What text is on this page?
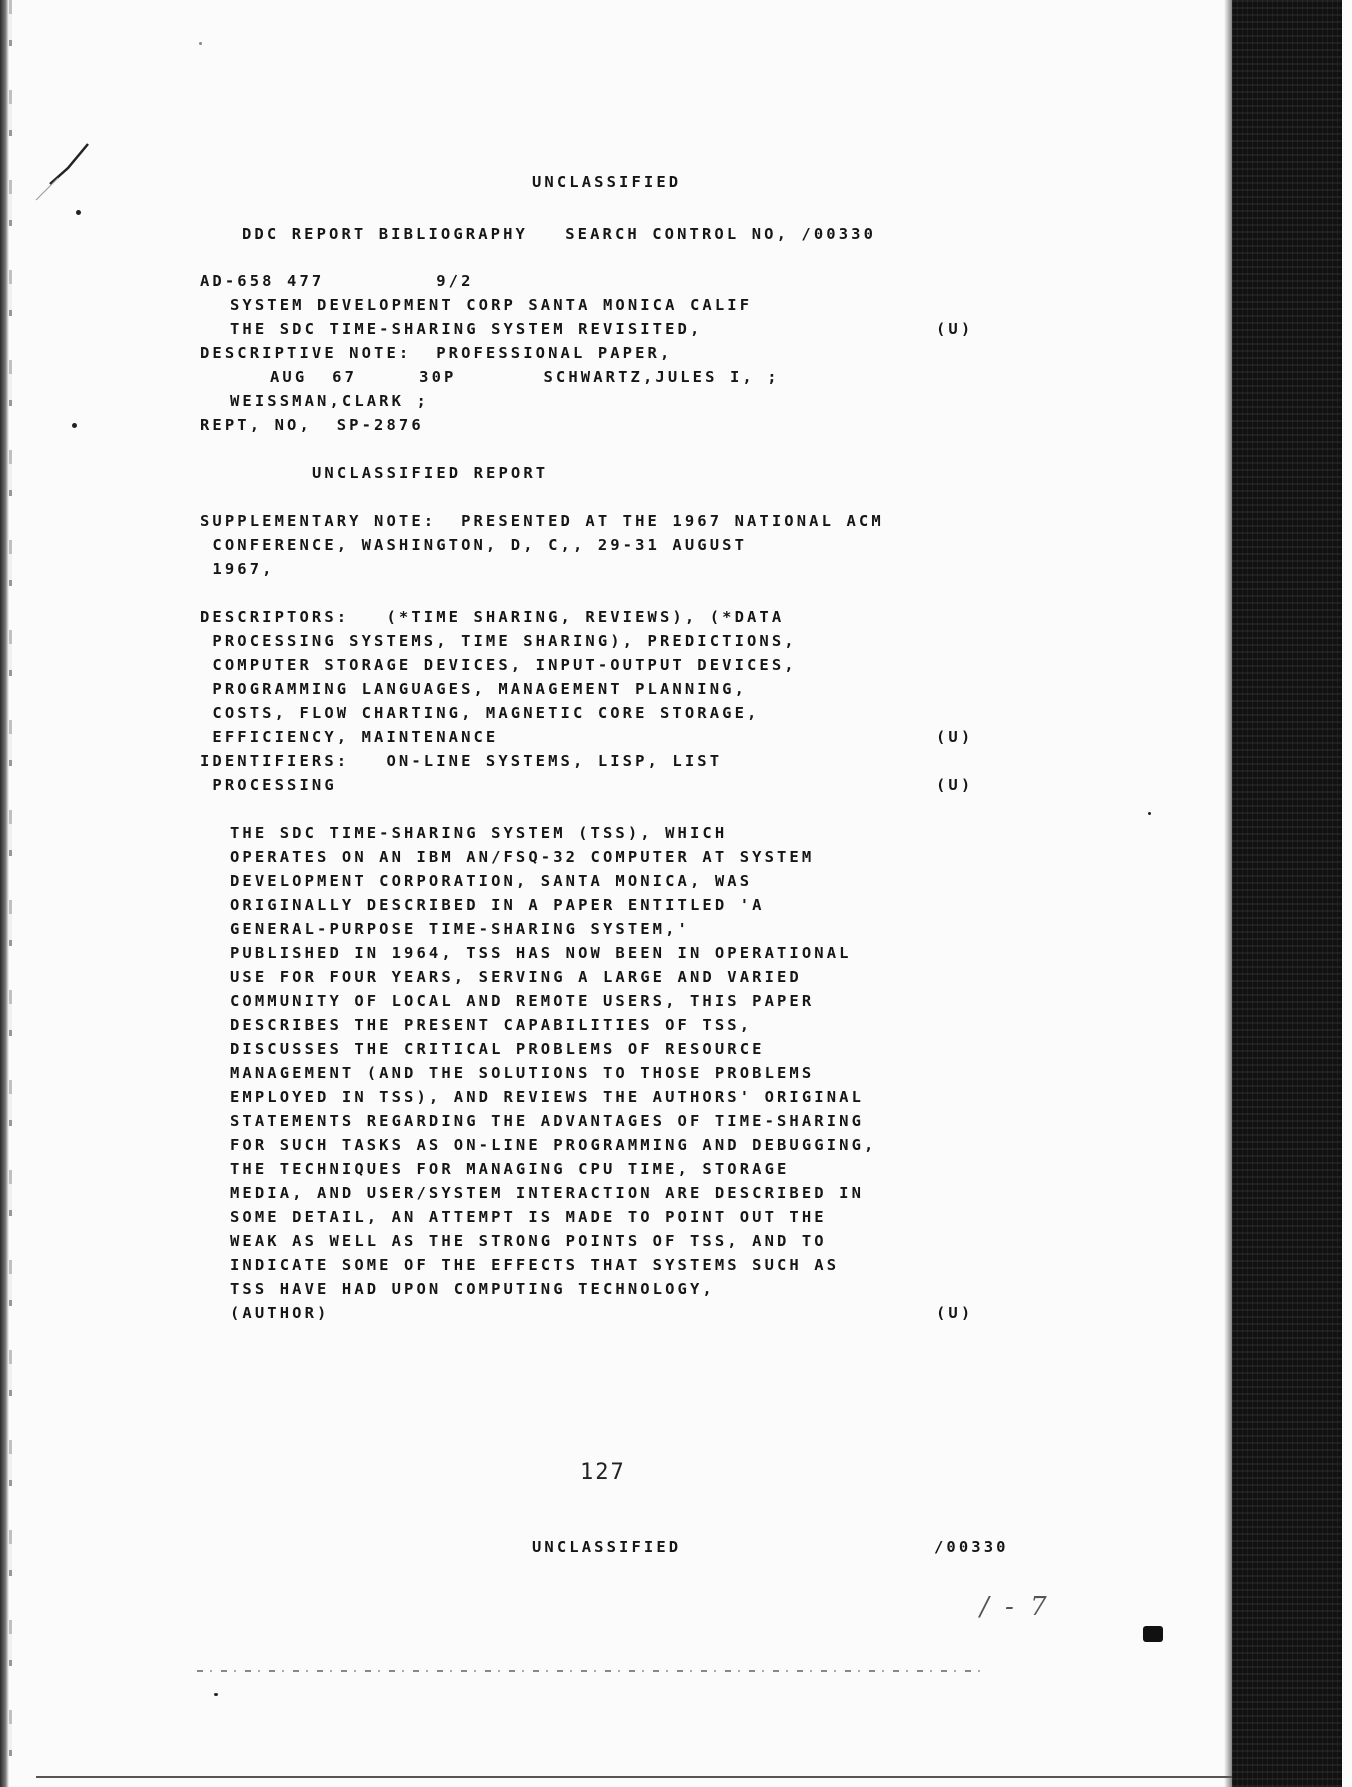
UNCLASSIFIED
DDC REPORT BIBLIOGRAPHY   SEARCH CONTROL NO, /00330
AD-658 477         9/2
SYSTEM DEVELOPMENT CORP SANTA MONICA CALIF
THE SDC TIME-SHARING SYSTEM REVISITED,	(U)
DESCRIPTIVE NOTE:  PROFESSIONAL PAPER,
AUG  67     30P       SCHWARTZ,JULES I, ;
WEISSMAN,CLARK ;
REPT, NO,  SP-2876
UNCLASSIFIED REPORT
SUPPLEMENTARY NOTE:  PRESENTED AT THE 1967 NATIONAL ACM
CONFERENCE, WASHINGTON, D, C,, 29-31 AUGUST
1967,
DESCRIPTORS:   (*TIME SHARING, REVIEWS), (*DATA
PROCESSING SYSTEMS, TIME SHARING), PREDICTIONS,
COMPUTER STORAGE DEVICES, INPUT-OUTPUT DEVICES,
PROGRAMMING LANGUAGES, MANAGEMENT PLANNING,
COSTS, FLOW CHARTING, MAGNETIC CORE STORAGE,
EFFICIENCY, MAINTENANCE	(U)
IDENTIFIERS:   ON-LINE SYSTEMS, LISP, LIST
PROCESSING	(U)
THE SDC TIME-SHARING SYSTEM (TSS), WHICH
OPERATES ON AN IBM AN/FSQ-32 COMPUTER AT SYSTEM
DEVELOPMENT CORPORATION, SANTA MONICA, WAS
ORIGINALLY DESCRIBED IN A PAPER ENTITLED 'A
GENERAL-PURPOSE TIME-SHARING SYSTEM,'
PUBLISHED IN 1964, TSS HAS NOW BEEN IN OPERATIONAL
USE FOR FOUR YEARS, SERVING A LARGE AND VARIED
COMMUNITY OF LOCAL AND REMOTE USERS, THIS PAPER
DESCRIBES THE PRESENT CAPABILITIES OF TSS,
DISCUSSES THE CRITICAL PROBLEMS OF RESOURCE
MANAGEMENT (AND THE SOLUTIONS TO THOSE PROBLEMS
EMPLOYED IN TSS), AND REVIEWS THE AUTHORS' ORIGINAL
STATEMENTS REGARDING THE ADVANTAGES OF TIME-SHARING
FOR SUCH TASKS AS ON-LINE PROGRAMMING AND DEBUGGING,
THE TECHNIQUES FOR MANAGING CPU TIME, STORAGE
MEDIA, AND USER/SYSTEM INTERACTION ARE DESCRIBED IN
SOME DETAIL, AN ATTEMPT IS MADE TO POINT OUT THE
WEAK AS WELL AS THE STRONG POINTS OF TSS, AND TO
INDICATE SOME OF THE EFFECTS THAT SYSTEMS SUCH AS
TSS HAVE HAD UPON COMPUTING TECHNOLOGY,
(AUTHOR)	(U)
UNCLASSIFIED	/00330
127
/ - 7
